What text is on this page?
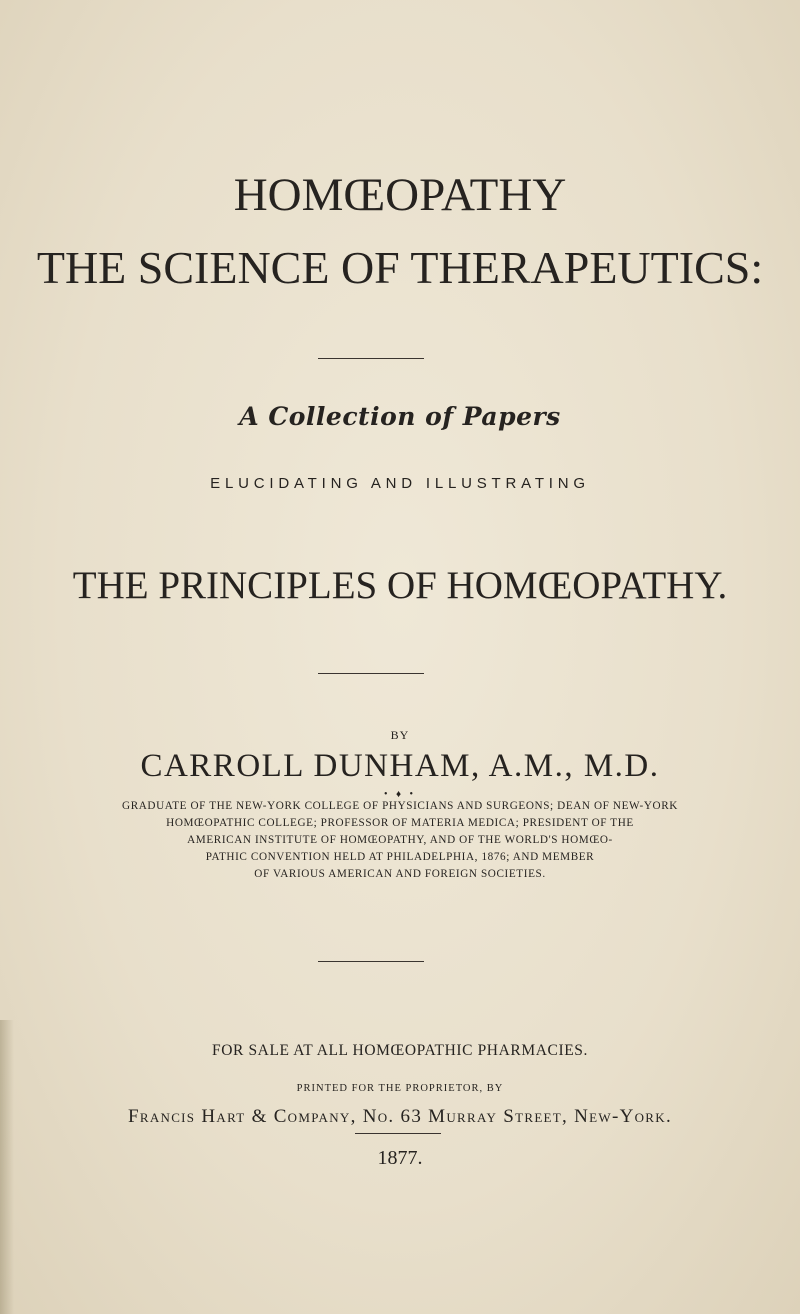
HOMŒOPATHY
THE SCIENCE OF THERAPEUTICS:
A Collection of Papers
ELUCIDATING AND ILLUSTRATING
THE PRINCIPLES OF HOMŒOPATHY.
BY
CARROLL DUNHAM, A.M., M.D.
• ♦ •
GRADUATE OF THE NEW-YORK COLLEGE OF PHYSICIANS AND SURGEONS; DEAN OF NEW-YORK
HOMŒOPATHIC COLLEGE; PROFESSOR OF MATERIA MEDICA; PRESIDENT OF THE
AMERICAN INSTITUTE OF HOMŒOPATHY, AND OF THE WORLD'S HOMŒO-
PATHIC CONVENTION HELD AT PHILADELPHIA, 1876; AND MEMBER
OF VARIOUS AMERICAN AND FOREIGN SOCIETIES.
FOR SALE AT ALL HOMŒOPATHIC PHARMACIES.
PRINTED FOR THE PROPRIETOR, BY
Francis Hart & Company, No. 63 Murray Street, New-York.
1877.
